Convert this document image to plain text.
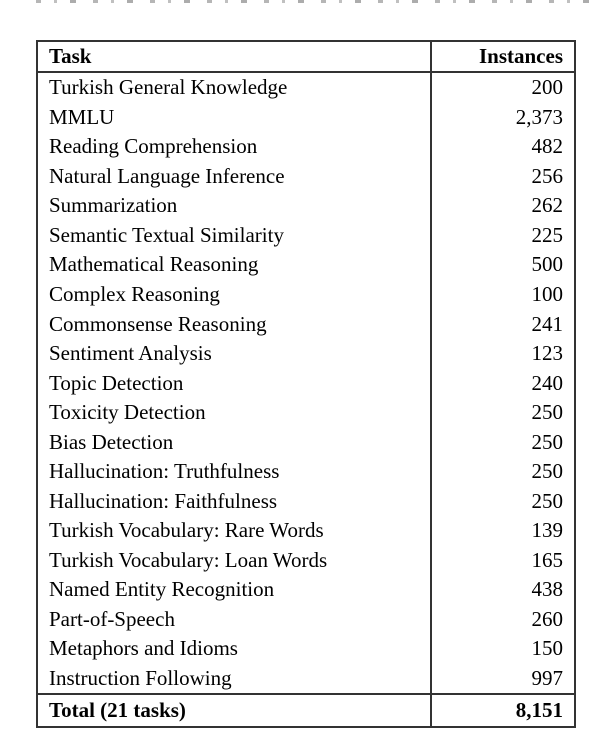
Task	Instances
Turkish General Knowledge	200
MMLU	2,373
Reading Comprehension	482
Natural Language Inference	256
Summarization	262
Semantic Textual Similarity	225
Mathematical Reasoning	500
Complex Reasoning	100
Commonsense Reasoning	241
Sentiment Analysis	123
Topic Detection	240
Toxicity Detection	250
Bias Detection	250
Hallucination: Truthfulness	250
Hallucination: Faithfulness	250
Turkish Vocabulary: Rare Words	139
Turkish Vocabulary: Loan Words	165
Named Entity Recognition	438
Part-of-Speech	260
Metaphors and Idioms	150
Instruction Following	997
Total (21 tasks)	8,151
